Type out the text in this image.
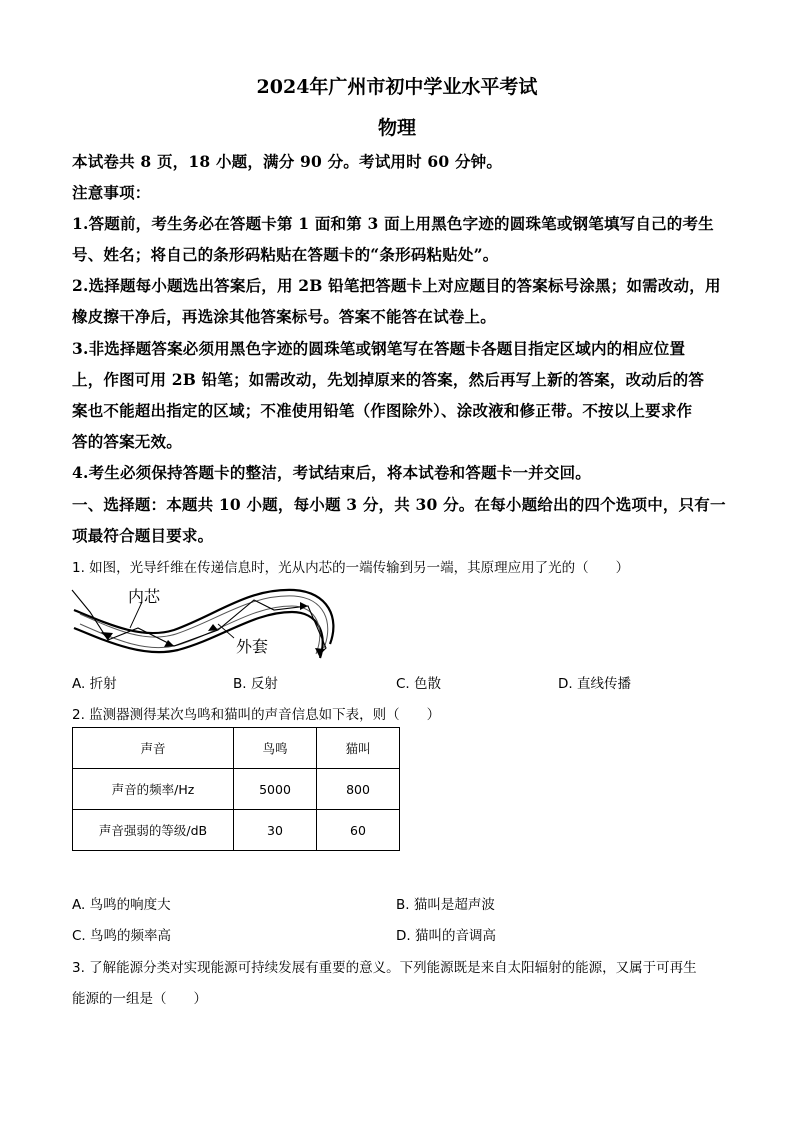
2024年广州市初中学业水平考试
物理
本试卷共 8 页，18 小题，满分 90 分。考试用时 60 分钟。
注意事项：
1.答题前，考生务必在答题卡第 1 面和第 3 面上用黑色字迹的圆珠笔或钢笔填写自己的考生
号、姓名；将自己的条形码粘贴在答题卡的“条形码粘贴处”。
2.选择题每小题选出答案后，用 2B 铅笔把答题卡上对应题目的答案标号涂黑；如需改动，用
橡皮擦干净后，再选涂其他答案标号。答案不能答在试卷上。
3.非选择题答案必须用黑色字迹的圆珠笔或钢笔写在答题卡各题目指定区域内的相应位置
上，作图可用 2B 铅笔；如需改动，先划掉原来的答案，然后再写上新的答案，改动后的答
案也不能超出指定的区域；不准使用铅笔（作图除外）、涂改液和修正带。不按以上要求作
答的答案无效。
4.考生必须保持答题卡的整洁，考试结束后，将本试卷和答题卡一并交回。
一、选择题：本题共 10 小题，每小题 3 分，共 30 分。在每小题给出的四个选项中，只有一
项最符合题目要求。
1. 如图，光导纤维在传递信息时，光从内芯的一端传输到另一端，其原理应用了光的（　　）
内芯
外套
A. 折射	B. 反射	C. 色散	D. 直线传播
2. 监测器测得某次鸟鸣和猫叫的声音信息如下表，则（　　）
声音	鸟鸣	猫叫
声音的频率/Hz	5000	800
声音强弱的等级/dB	30	60
A. 鸟鸣的响度大	B. 猫叫是超声波
C. 鸟鸣的频率高	D. 猫叫的音调高
3. 了解能源分类对实现能源可持续发展有重要的意义。下列能源既是来自太阳辐射的能源，又属于可再生
能源的一组是（　　）
